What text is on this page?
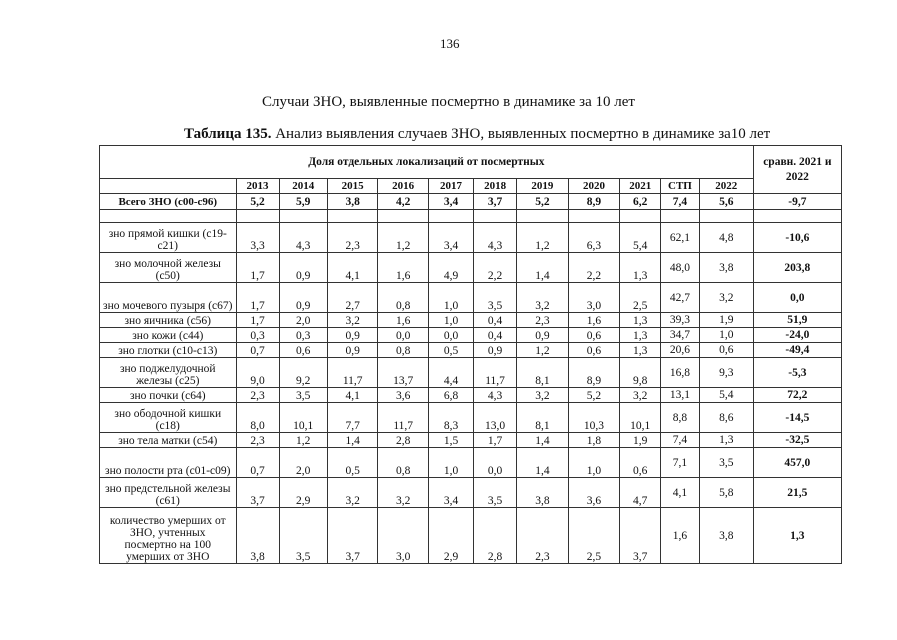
136
Случаи ЗНО, выявленные посмертно в динамике за 10 лет
Таблица 135. Анализ выявления случаев ЗНО, выявленных посмертно в динамике за10 лет
Доля отдельных локализаций от посмертных												сравн. 2021 и 2022
	2013	2014	2015	2016	2017	2018	2019	2020	2021	СТП	2022	
Всего ЗНО (с00-с96)	5,2	5,9	3,8	4,2	3,4	3,7	5,2	8,9	6,2	7,4	5,6	-9,7

зно прямой кишки (с19-с21)	3,3	4,3	2,3	1,2	3,4	4,3	1,2	6,3	5,4	62,1	4,8	-10,6
зно молочной железы (с50)	1,7	0,9	4,1	1,6	4,9	2,2	1,4	2,2	1,3	48,0	3,8	203,8
зно мочевого пузыря (с67)	1,7	0,9	2,7	0,8	1,0	3,5	3,2	3,0	2,5	42,7	3,2	0,0
зно яичника (с56)	1,7	2,0	3,2	1,6	1,0	0,4	2,3	1,6	1,3	39,3	1,9	51,9
зно кожи (с44)	0,3	0,3	0,9	0,0	0,0	0,4	0,9	0,6	1,3	34,7	1,0	-24,0
зно глотки (с10-с13)	0,7	0,6	0,9	0,8	0,5	0,9	1,2	0,6	1,3	20,6	0,6	-49,4
зно поджелудочной железы (с25)	9,0	9,2	11,7	13,7	4,4	11,7	8,1	8,9	9,8	16,8	9,3	-5,3
зно почки (с64)	2,3	3,5	4,1	3,6	6,8	4,3	3,2	5,2	3,2	13,1	5,4	72,2
зно ободочной кишки (с18)	8,0	10,1	7,7	11,7	8,3	13,0	8,1	10,3	10,1	8,8	8,6	-14,5
зно тела матки (с54)	2,3	1,2	1,4	2,8	1,5	1,7	1,4	1,8	1,9	7,4	1,3	-32,5
зно полости рта (с01-с09)	0,7	2,0	0,5	0,8	1,0	0,0	1,4	1,0	0,6	7,1	3,5	457,0
зно предстельной железы (с61)	3,7	2,9	3,2	3,2	3,4	3,5	3,8	3,6	4,7	4,1	5,8	21,5
количество умерших от ЗНО, учтенных посмертно на 100 умерших от ЗНО	3,8	3,5	3,7	3,0	2,9	2,8	2,3	2,5	3,7	1,6	3,8	1,3
